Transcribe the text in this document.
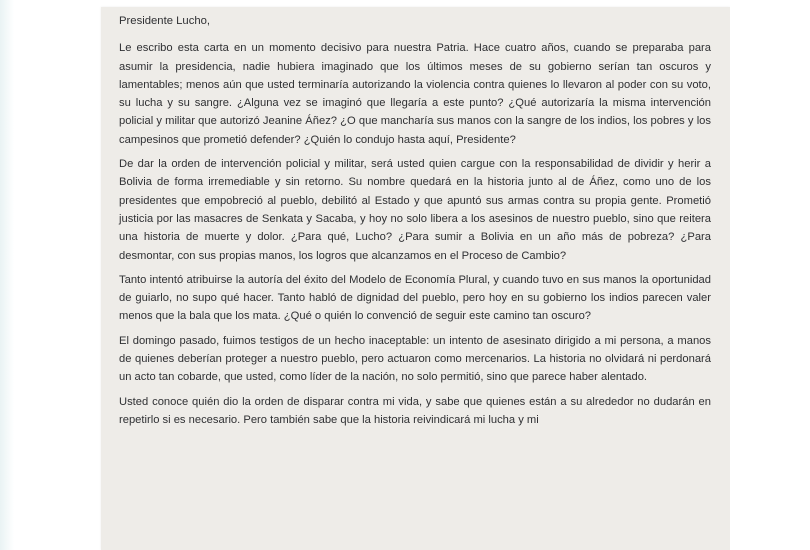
Presidente Lucho,

Le escribo esta carta en un momento decisivo para nuestra Patria. Hace cuatro años, cuando se preparaba para asumir la presidencia, nadie hubiera imaginado que los últimos meses de su gobierno serían tan oscuros y lamentables; menos aún que usted terminaría autorizando la violencia contra quienes lo llevaron al poder con su voto, su lucha y su sangre. ¿Alguna vez se imaginó que llegaría a este punto? ¿Qué autorizaría la misma intervención policial y militar que autorizó Jeanine Áñez? ¿O que mancharía sus manos con la sangre de los indios, los pobres y los campesinos que prometió defender? ¿Quién lo condujo hasta aquí, Presidente?

De dar la orden de intervención policial y militar, será usted quien cargue con la responsabilidad de dividir y herir a Bolivia de forma irremediable y sin retorno. Su nombre quedará en la historia junto al de Áñez, como uno de los presidentes que empobreció al pueblo, debilitó al Estado y que apuntó sus armas contra su propia gente. Prometió justicia por las masacres de Senkata y Sacaba, y hoy no solo libera a los asesinos de nuestro pueblo, sino que reitera una historia de muerte y dolor. ¿Para qué, Lucho? ¿Para sumir a Bolivia en un año más de pobreza? ¿Para desmontar, con sus propias manos, los logros que alcanzamos en el Proceso de Cambio?

Tanto intentó atribuirse la autoría del éxito del Modelo de Economía Plural, y cuando tuvo en sus manos la oportunidad de guiarlo, no supo qué hacer. Tanto habló de dignidad del pueblo, pero hoy en su gobierno los indios parecen valer menos que la bala que los mata. ¿Qué o quién lo convenció de seguir este camino tan oscuro?

El domingo pasado, fuimos testigos de un hecho inaceptable: un intento de asesinato dirigido a mi persona, a manos de quienes deberían proteger a nuestro pueblo, pero actuaron como mercenarios. La historia no olvidará ni perdonará un acto tan cobarde, que usted, como líder de la nación, no solo permitió, sino que parece haber alentado.

Usted conoce quién dio la orden de disparar contra mi vida, y sabe que quienes están a su alrededor no dudarán en repetirlo si es necesario. Pero también sabe que la historia reivindicará mi lucha y mi
